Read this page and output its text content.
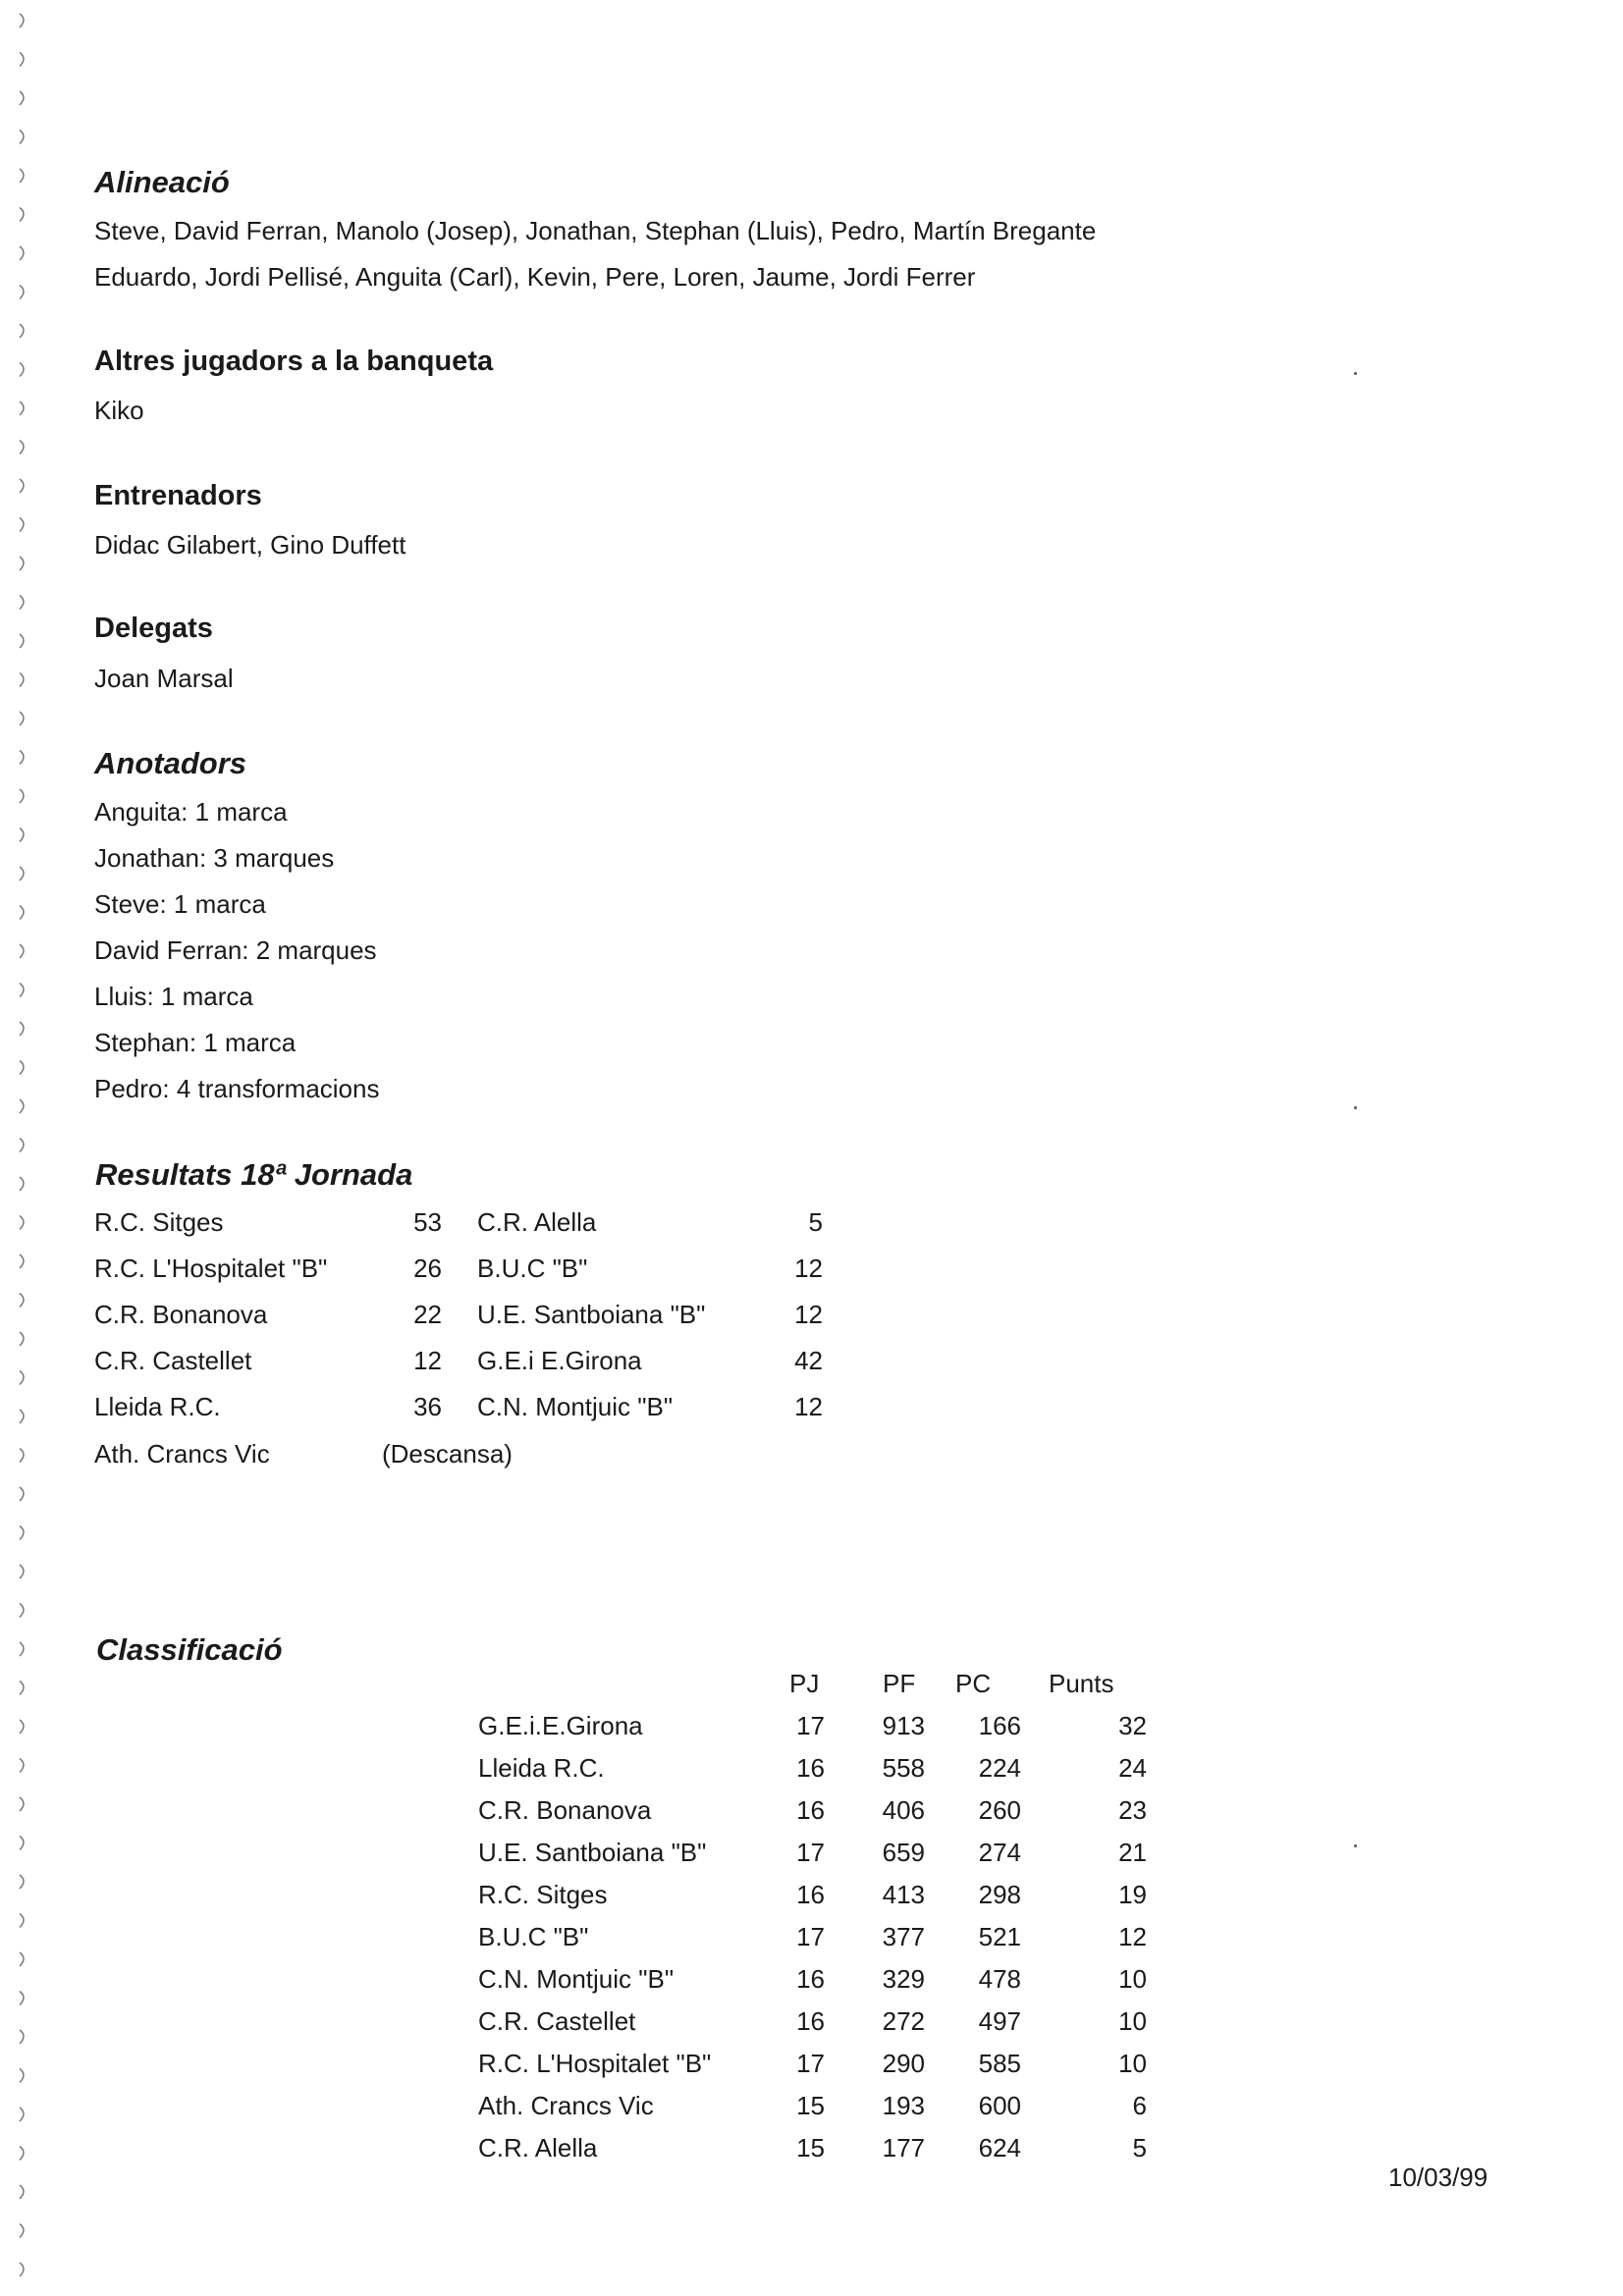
Alineació
Steve, David Ferran, Manolo (Josep), Jonathan, Stephan (Lluis), Pedro, Martín Bregante
Eduardo, Jordi Pellisé, Anguita (Carl), Kevin, Pere, Loren, Jaume, Jordi Ferrer
Altres jugadors a la banqueta
Kiko
Entrenadors
Didac Gilabert, Gino Duffett
Delegats
Joan Marsal
Anotadors
Anguita: 1 marca
Jonathan: 3 marques
Steve: 1 marca
David Ferran: 2 marques
Lluis: 1 marca
Stephan: 1 marca
Pedro: 4 transformacions
Resultats 18ª Jornada
R.C. Sitges	53 C.R. Alella	5
R.C. L'Hospitalet "B"	26 B.U.C "B"	12
C.R. Bonanova	22 U.E. Santboiana "B"	12
C.R. Castellet	12 G.E.i E.Girona	42
Lleida R.C.	36 C.N. Montjuic "B"	12
Ath. Crancs Vic	(Descansa)
Classificació
PJ PF PC Punts
G.E.i.E.Girona	17	913	166	32
Lleida R.C.	16	558	224	24
C.R. Bonanova	16	406	260	23
U.E. Santboiana "B"	17	659	274	21
R.C. Sitges	16	413	298	19
B.U.C "B"	17	377	521	12
C.N. Montjuic "B"	16	329	478	10
C.R. Castellet	16	272	497	10
R.C. L'Hospitalet "B"	17	290	585	10
Ath. Crancs Vic	15	193	600	6
C.R. Alella	15	177	624	5
10/03/99
